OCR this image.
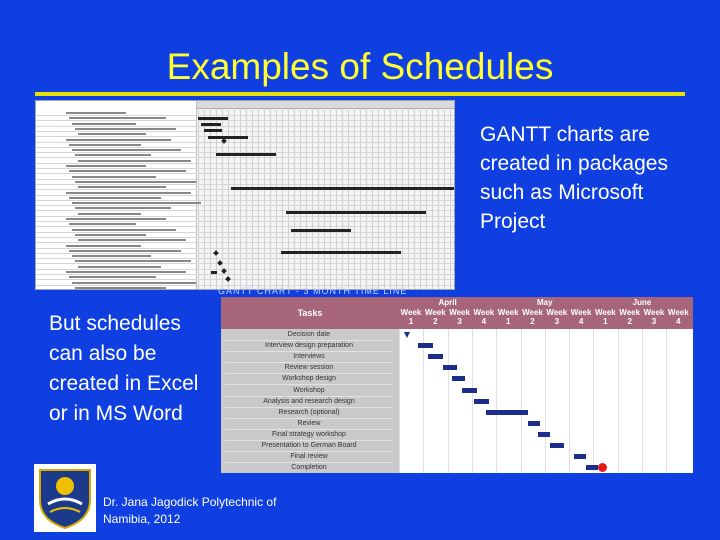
Examples of Schedules
GANTT CHART - 3 MONTH TIME LINE
GANTT charts are created in packages such as Microsoft Project
But schedules can also be created in Excel or in MS Word
Tasks
April	May	June
Week
1
Week
2
Week
3
Week
4
Week
1
Week
2
Week
3
Week
4
Week
1
Week
2
Week
3
Week
4
Decision date
Interview design preparation
Interviews
Review session
Workshop design
Workshop
Analysis and research design
Research (optional)
Review
Final strategy workshop
Presentation to German Board
Final review
Completion
Dr. Jana Jagodick Polytechnic of Namibia, 2012
